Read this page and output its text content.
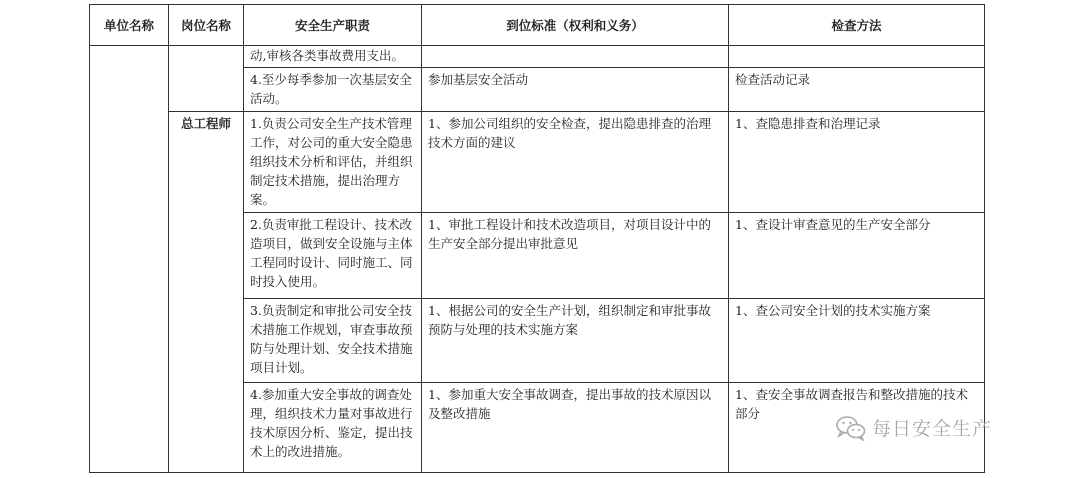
单位名称	岗位名称	安全生产职责	到位标准（权利和义务）	检查方法
		动,审核各类事故费用支出。		
		4.至少每季参加一次基层安全活动。	参加基层安全活动	检查活动记录
	总工程师	1.负责公司安全生产技术管理工作，对公司的重大安全隐患组织技术分析和评估，并组织制定技术措施，提出治理方案。	1、参加公司组织的安全检查，提出隐患排查的治理技术方面的建议	1、查隐患排查和治理记录
		2.负责审批工程设计、技术改造项目，做到安全设施与主体工程同时设计、同时施工、同时投入使用。	1、审批工程设计和技术改造项目，对项目设计中的生产安全部分提出审批意见	1、查设计审查意见的生产安全部分
		3.负责制定和审批公司安全技术措施工作规划，审查事故预防与处理计划、安全技术措施项目计划。	1、根据公司的安全生产计划，组织制定和审批事故预防与处理的技术实施方案	1、查公司安全计划的技术实施方案
		4.参加重大安全事故的调查处理，组织技术力量对事故进行技术原因分析、鉴定，提出技术上的改进措施。	1、参加重大安全事故调查，提出事故的技术原因以及整改措施	1、查安全事故调查报告和整改措施的技术部分
每日安全生产
